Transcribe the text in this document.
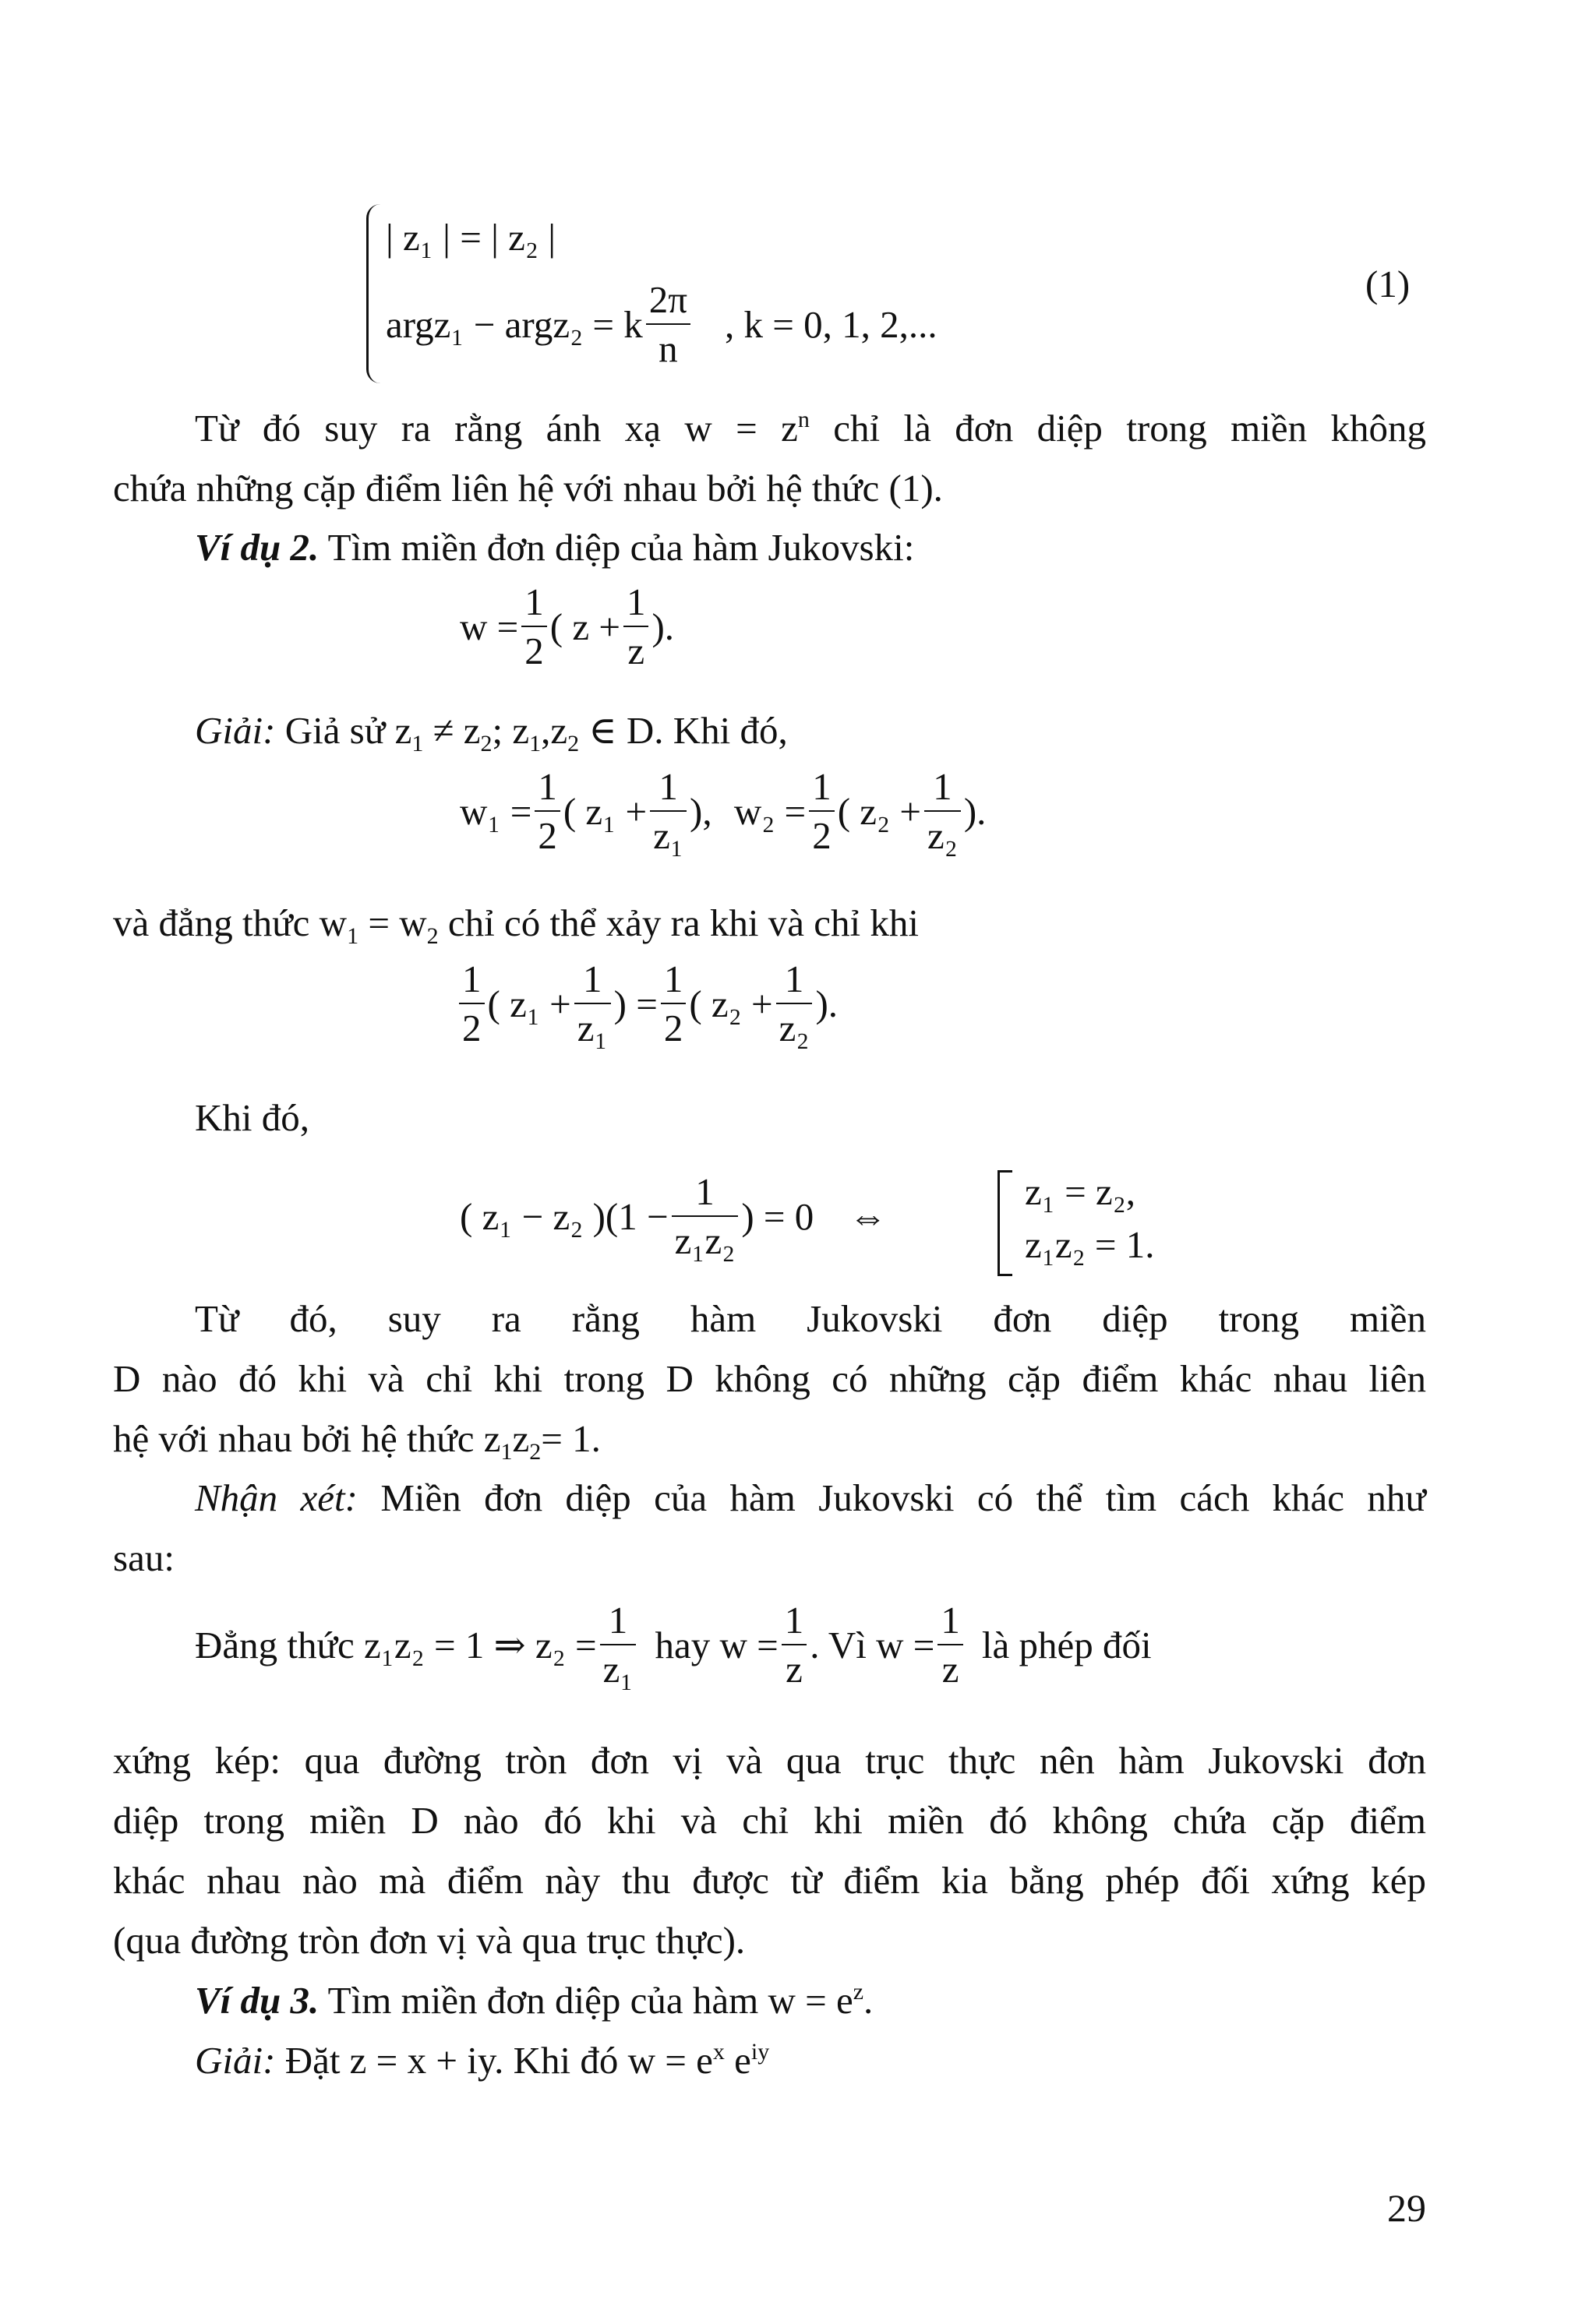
| z₁ | = | z₂ |
argz₁ − argz₂ = k $\frac{2\pi}{n}$ , k = 0, 1, 2,...
(1)
Từ đó suy ra rằng ánh xạ $w = z^n$ chỉ là đơn diệp trong miền không
chứa những cặp điểm liên hệ với nhau bởi hệ thức (1).
Ví dụ 2. Tìm miền đơn diệp của hàm Jukovski:
$w = \frac{1}{2}$ ( $z + \frac{1}{z}$ ).
Giải: Giả sử $z_1 \ne z_2$; $z_1,z_2$ ∈ D. Khi đó,
$w_1 = \frac{1}{2}$ ( $z_1 + \frac{1}{\text{z₁}}$ ), $w_2 = \frac{1}{2}$ ( $z_2 + \frac{1}{\text{z₂}}$ ).
và đẳng thức $w_1 = w_2$ chỉ có thể xảy ra khi và chỉ khi
$\frac{1}{2}$ ( $z_1 + \frac{1}{\text{z₁}}$ ) = $\frac{1}{2}$ ( $z_2 + \frac{1}{\text{z₂}}$ ).
Khi đó,
( z₁ − z₂ )($1 - \frac{1}{\text{z₁z₂}}$ ) = 0 ⇔
z₁ = z₂,
z₁z₂ = 1.
Từ đó, suy ra rằng hàm Jukovski đơn diệp trong miền
D nào đó khi và chỉ khi trong D không có những cặp điểm khác nhau liên
hệ với nhau bởi hệ thức $z_1z_2= 1$.
Nhận xét: Miền đơn diệp của hàm Jukovski có thể tìm cách khác như
sau:
Đẳng thức z₁z₂ = 1 ⇒ $z_2 = \frac{1}{\text{z₁}}$ hay $w = \frac{1}{z}$ . Vì $w = \frac{1}{z}$ là phép đối
xứng kép: qua đường tròn đơn vị và qua trục thực nên hàm Jukovski đơn
diệp trong miền D nào đó khi và chỉ khi miền đó không chứa cặp điểm
khác nhau nào mà điểm này thu được từ điểm kia bằng phép đối xứng kép
(qua đường tròn đơn vị và qua trục thực).
Ví dụ 3. Tìm miền đơn diệp của hàm $w = e^z$.
Giải: Đặt z = x + iy. Khi đó $w = e^x$ $e^{iy}$
29
